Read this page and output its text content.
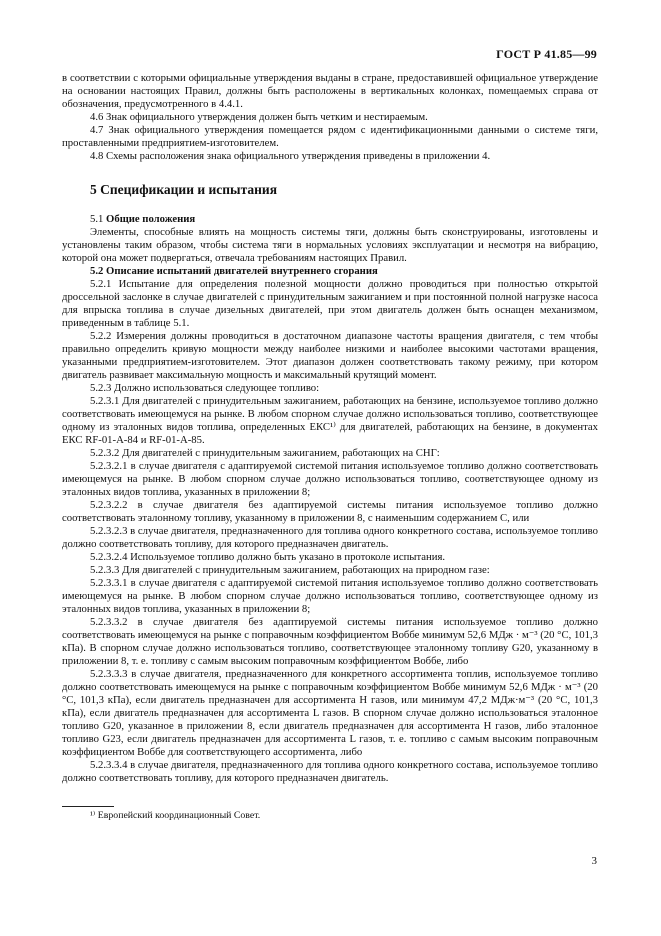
ГОСТ Р 41.85—99

в соответствии с которыми официальные утверждения выданы в стране, предоставившей официальное утверждение на основании настоящих Правил, должны быть расположены в вертикальных колонках, помещаемых справа от обозначения, предусмотренного в 4.4.1.

4.6 Знак официального утверждения должен быть четким и нестираемым.

4.7 Знак официального утверждения помещается рядом с идентификационными данными о системе тяги, проставленными предприятием-изготовителем.

4.8 Схемы расположения знака официального утверждения приведены в приложении 4.

5 Спецификации и испытания

5.1 Общие положения

Элементы, способные влиять на мощность системы тяги, должны быть сконструированы, изготовлены и установлены таким образом, чтобы система тяги в нормальных условиях эксплуатации и несмотря на вибрацию, которой она может подвергаться, отвечала требованиям настоящих Правил.

5.2 Описание испытаний двигателей внутреннего сгорания

5.2.1 Испытание для определения полезной мощности должно проводиться при полностью открытой дроссельной заслонке в случае двигателей с принудительным зажиганием и при постоянной полной нагрузке насоса для впрыска топлива в случае дизельных двигателей, при этом двигатель должен быть оснащен механизмом, приведенным в таблице 5.1.

5.2.2 Измерения должны проводиться в достаточном диапазоне частоты вращения двигателя, с тем чтобы правильно определить кривую мощности между наиболее низкими и наиболее высокими частотами вращения, указанными предприятием-изготовителем. Этот диапазон должен соответствовать такому режиму, при котором двигатель развивает максимальную мощность и максимальный крутящий момент.

5.2.3 Должно использоваться следующее топливо:

5.2.3.1 Для двигателей с принудительным зажиганием, работающих на бензине, используемое топливо должно соответствовать имеющемуся на рынке. В любом спорном случае должно использоваться топливо, соответствующее одному из эталонных видов топлива, определенных ЕКС¹⁾ для двигателей, работающих на бензине, в документах ЕКС RF-01-A-84 и RF-01-A-85.

5.2.3.2 Для двигателей с принудительным зажиганием, работающих на СНГ:

5.2.3.2.1 в случае двигателя с адаптируемой системой питания используемое топливо должно соответствовать имеющемуся на рынке. В любом спорном случае должно использоваться топливо, соответствующее одному из эталонных видов топлива, указанных в приложении 8;

5.2.3.2.2 в случае двигателя без адаптируемой системы питания используемое топливо должно соответствовать эталонному топливу, указанному в приложении 8, с наименьшим содержанием С, или

5.2.3.2.3 в случае двигателя, предназначенного для топлива одного конкретного состава, используемое топливо должно соответствовать топливу, для которого предназначен двигатель.

5.2.3.2.4 Используемое топливо должно быть указано в протоколе испытания.

5.2.3.3 Для двигателей с принудительным зажиганием, работающих на природном газе:

5.2.3.3.1 в случае двигателя с адаптируемой системой питания используемое топливо должно соответствовать имеющемуся на рынке. В любом спорном случае должно использоваться топливо, соответствующее одному из эталонных видов топлива, указанных в приложении 8;

5.2.3.3.2 в случае двигателя без адаптируемой системы питания используемое топливо должно соответствовать имеющемуся на рынке с поправочным коэффициентом Воббе минимум 52,6 МДж · м⁻³ (20 °С, 101,3 кПа). В спорном случае должно использоваться топливо, соответствующее эталонному топливу G20, указанному в приложении 8, т. е. топливу с самым высоким поправочным коэффициентом Воббе, либо

5.2.3.3.3 в случае двигателя, предназначенного для конкретного ассортимента топлив, используемое топливо должно соответствовать имеющемуся на рынке с поправочным коэффициентом Воббе минимум 52,6 МДж · м⁻³ (20 °С, 101,3 кПа), если двигатель предназначен для ассортимента Н газов, или минимум 47,2 МДж·м⁻³ (20 °С, 101,3 кПа), если двигатель предназначен для ассортимента L газов. В спорном случае должно использоваться эталонное топливо G20, указанное в приложении 8, если двигатель предназначен для ассортимента Н газов, либо эталонное топливо G23, если двигатель предназначен для ассортимента L газов, т. е. топливо с самым высоким поправочным коэффициентом Воббе для соответствующего ассортимента, либо

5.2.3.3.4 в случае двигателя, предназначенного для топлива одного конкретного состава, используемое топливо должно соответствовать топливу, для которого предназначен двигатель.

¹⁾ Европейский координационный Совет.
3
